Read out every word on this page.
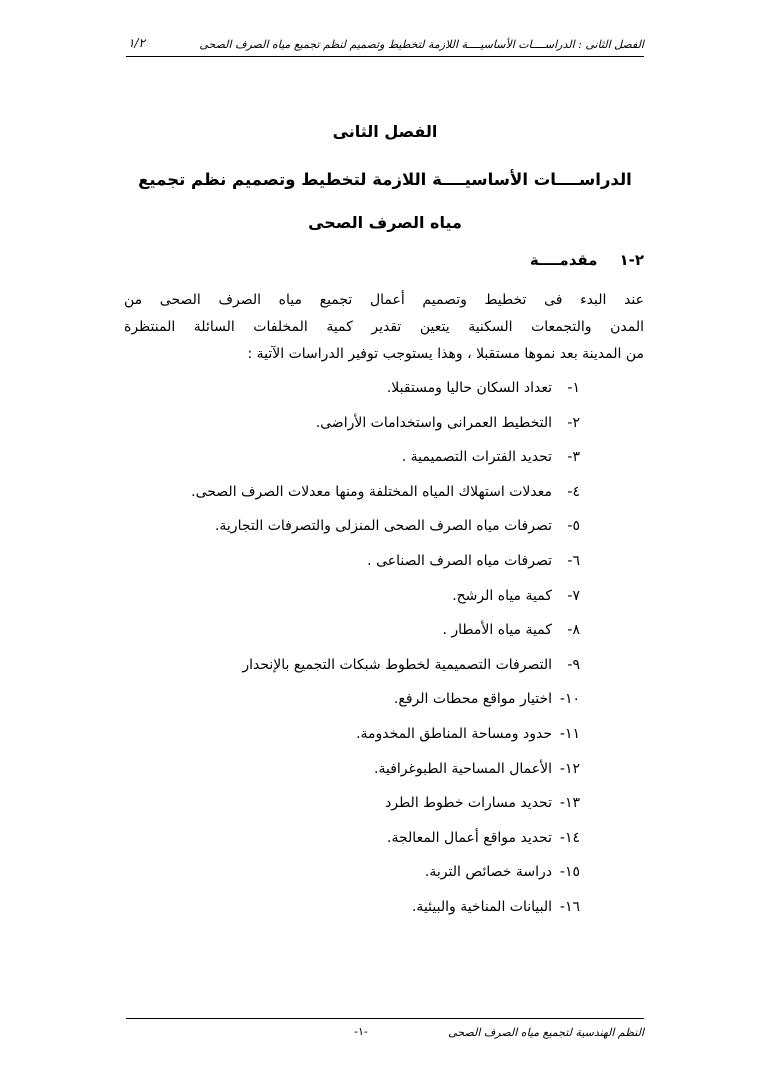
الفصل الثانى : الدراســــات الأساسيــــة اللازمة لتخطيط وتصميم لنظم تجميع مياه الصرف الصحى
١/٢
الفصل الثانى
الدراســــات الأساسيــــة اللازمة لتخطيط وتصميم نظم تجميع
مياه الصرف الصحى
٢-١مقدمــــة
عند البدء فى تخطيط وتصميم أعمال تجميع مياه الصرف الصحى من
المدن والتجمعات السكنية يتعين تقدير كمية المخلفات السائلة المنتظرة
من المدينة بعد نموها مستقبلا ، وهذا يستوجب توفير الدراسات الآتية :
١-
تعداد السكان حاليا ومستقبلا.
٢-
التخطيط العمرانى واستخدامات الأراضى.
٣-
تحديد الفترات التصميمية .
٤-
معدلات استهلاك المياه المختلفة ومنها معدلات الصرف الصحى.
٥-
تصرفات مياه الصرف الصحى المنزلى والتصرفات التجارية.
٦-
تصرفات مياه الصرف الصناعى .
٧-
كمية مياه الرشح.
٨-
كمية مياه الأمطار .
٩-
التصرفات التصميمية لخطوط شبكات التجميع بالإنحدار
١٠-
اختيار مواقع محطات الرفع.
١١-
حدود ومساحة المناطق المخدومة.
١٢-
الأعمال المساحية الطبوغرافية.
١٣-
تحديد مسارات خطوط الطرد
١٤-
تحديد مواقع أعمال المعالجة.
١٥-
دراسة خصائص التربة.
١٦-
البيانات المناخية والبيئية.
النظم الهندسية لتجميع مياه الصرف الصحى
-١-
